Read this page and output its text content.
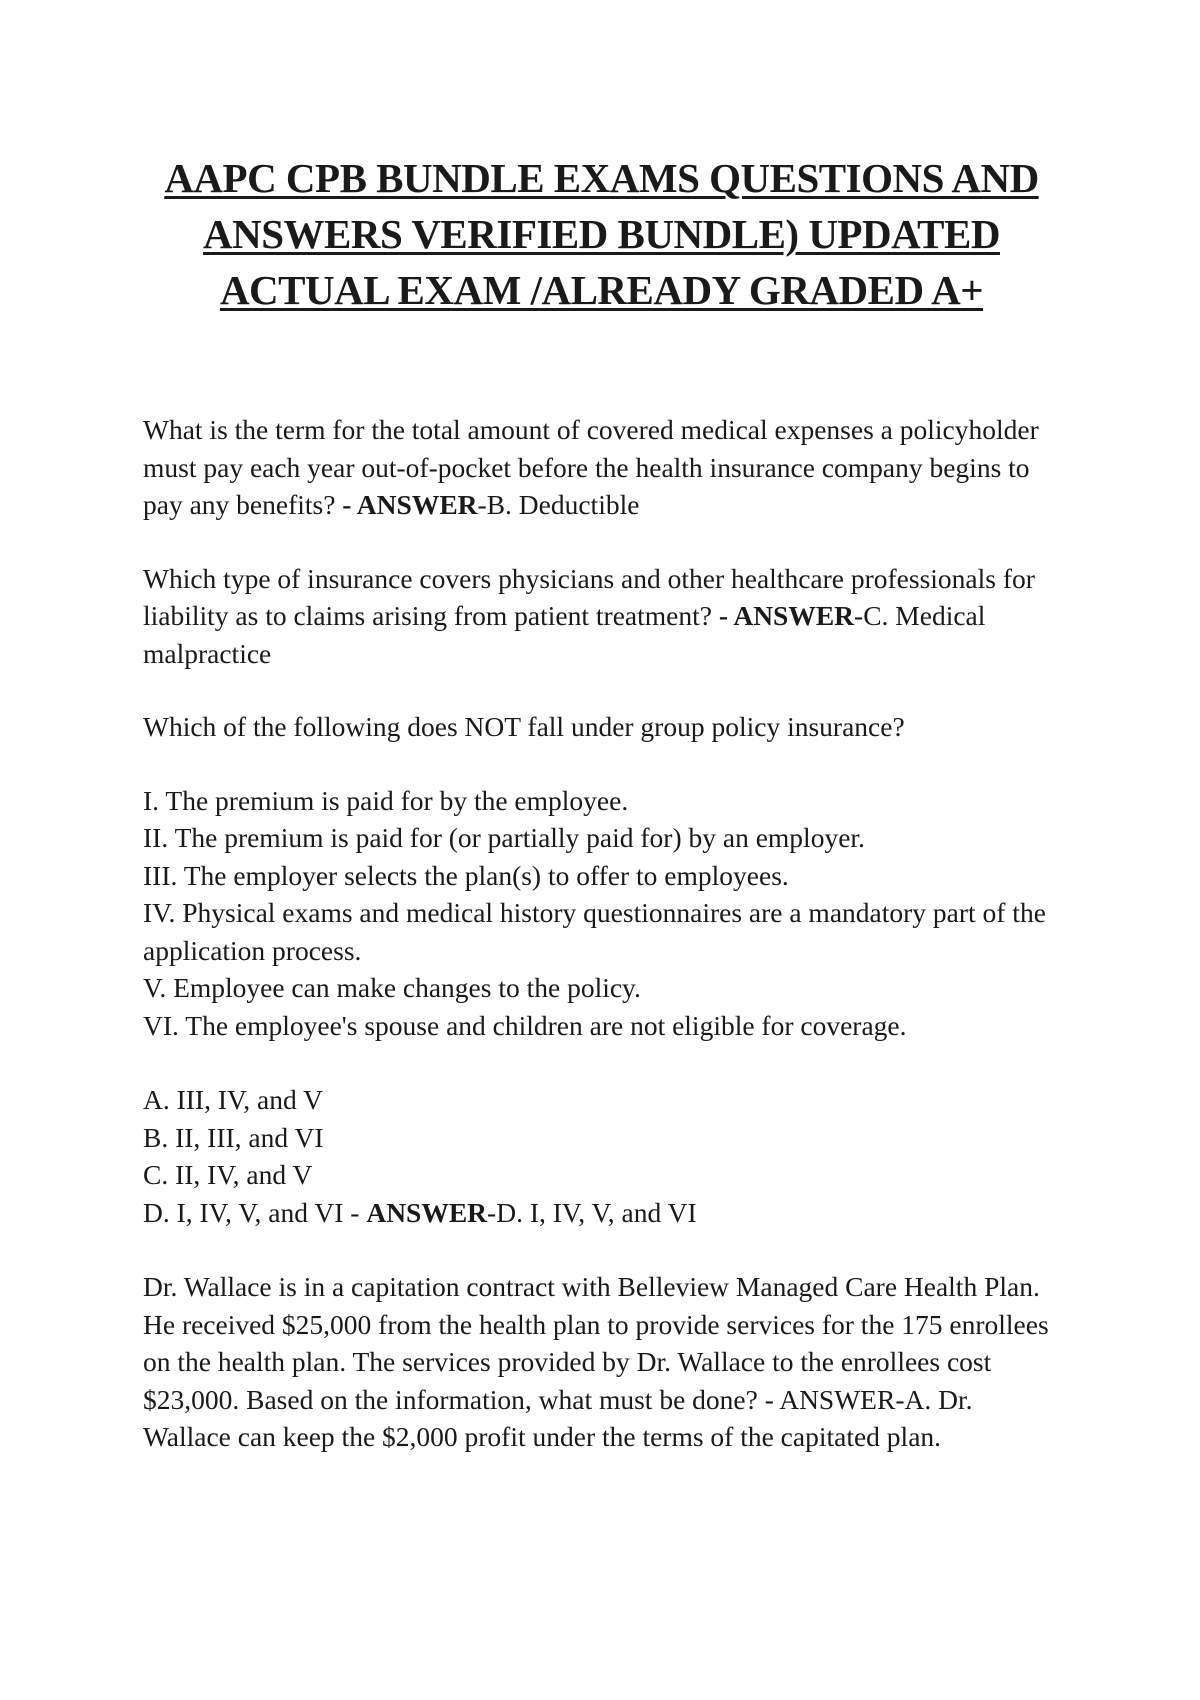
AAPC CPB BUNDLE EXAMS QUESTIONS AND
ANSWERS VERIFIED BUNDLE) UPDATED
ACTUAL EXAM /ALREADY GRADED A+

What is the term for the total amount of covered medical expenses a policyholder must pay each year out-of-pocket before the health insurance company begins to pay any benefits? - ANSWER-B. Deductible

Which type of insurance covers physicians and other healthcare professionals for liability as to claims arising from patient treatment? - ANSWER-C. Medical malpractice

Which of the following does NOT fall under group policy insurance?

I. The premium is paid for by the employee.
II. The premium is paid for (or partially paid for) by an employer.
III. The employer selects the plan(s) to offer to employees.
IV. Physical exams and medical history questionnaires are a mandatory part of the application process.
V. Employee can make changes to the policy.
VI. The employee's spouse and children are not eligible for coverage.
A. III, IV, and V
B. II, III, and VI
C. II, IV, and V
D. I, IV, V, and VI - ANSWER-D. I, IV, V, and VI

Dr. Wallace is in a capitation contract with Belleview Managed Care Health Plan. He received $25,000 from the health plan to provide services for the 175 enrollees on the health plan. The services provided by Dr. Wallace to the enrollees cost $23,000. Based on the information, what must be done? - ANSWER-A. Dr. Wallace can keep the $2,000 profit under the terms of the capitated plan.
